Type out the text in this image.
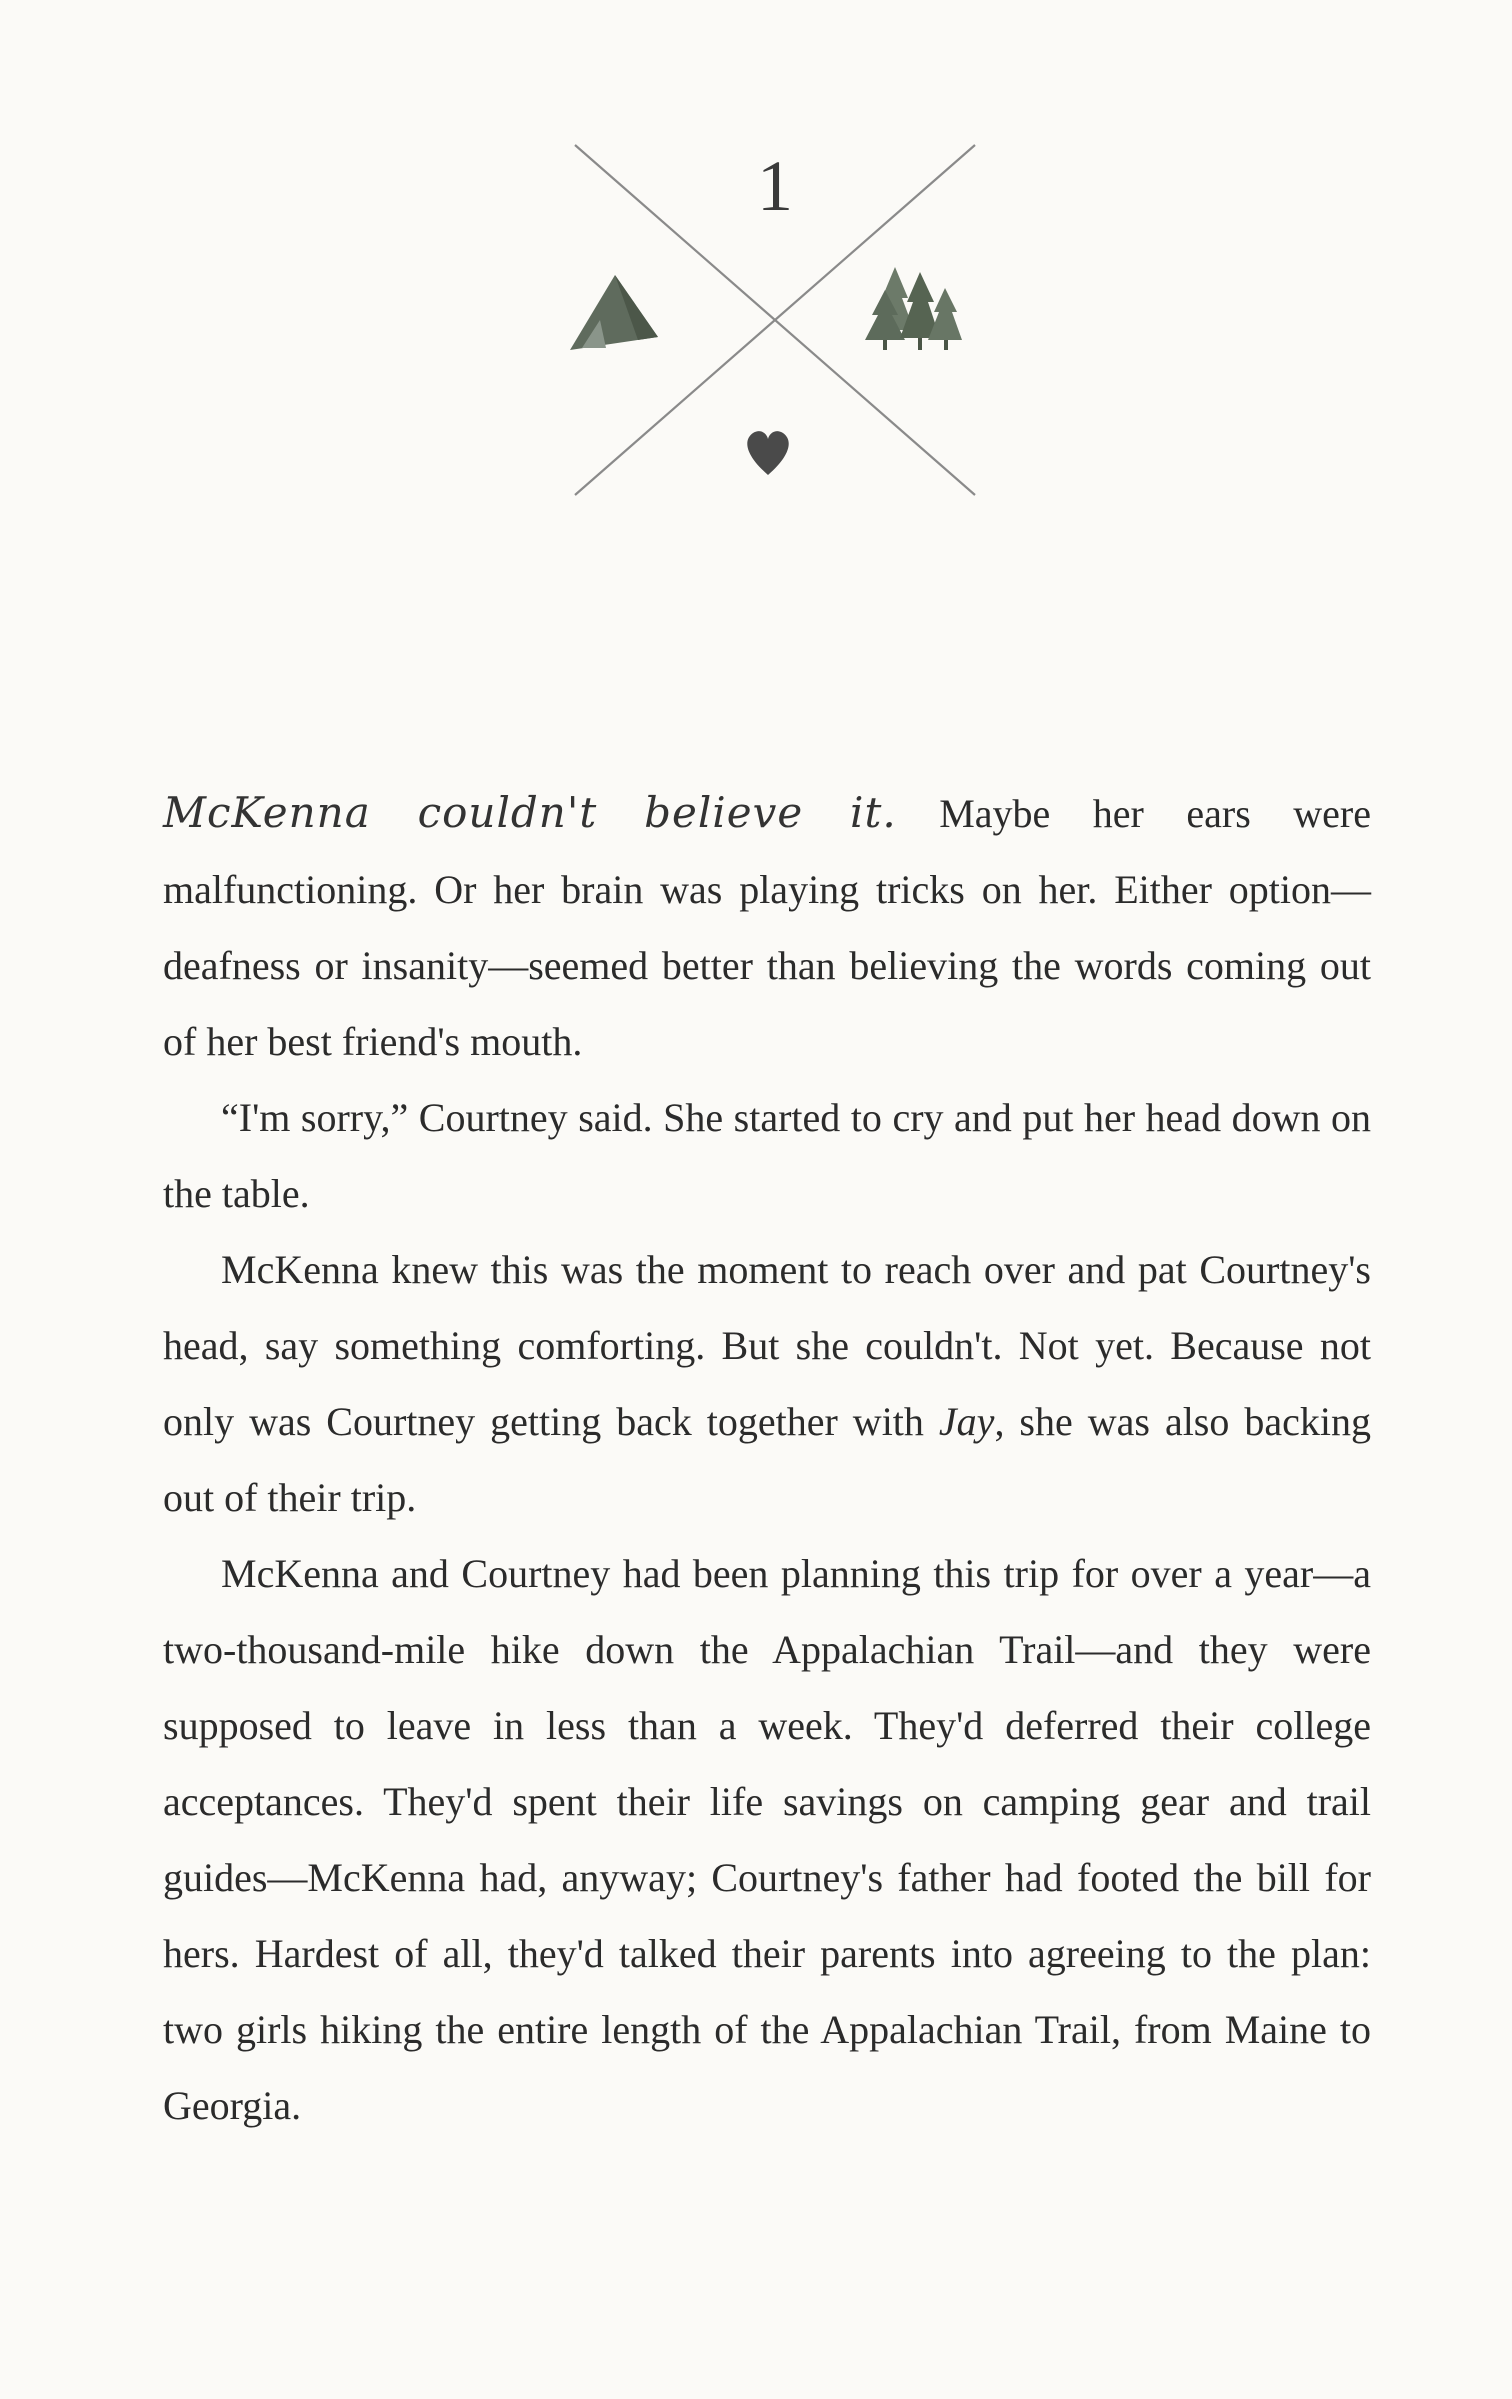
1

McKenna couldn't believe it. Maybe her ears were malfunctioning. Or her brain was playing tricks on her. Either option—deafness or insanity—seemed better than believing the words coming out of her best friend's mouth.

“I'm sorry,” Courtney said. She started to cry and put her head down on the table.

McKenna knew this was the moment to reach over and pat Courtney's head, say something comforting. But she couldn't. Not yet. Because not only was Courtney getting back together with Jay, she was also backing out of their trip.

McKenna and Courtney had been planning this trip for over a year—a two-thousand-mile hike down the Appalachian Trail—and they were supposed to leave in less than a week. They'd deferred their college acceptances. They'd spent their life savings on camping gear and trail guides—McKenna had, anyway; Courtney's father had footed the bill for hers. Hardest of all, they'd talked their parents into agreeing to the plan: two girls hiking the entire length of the Appalachian Trail, from Maine to Georgia.
